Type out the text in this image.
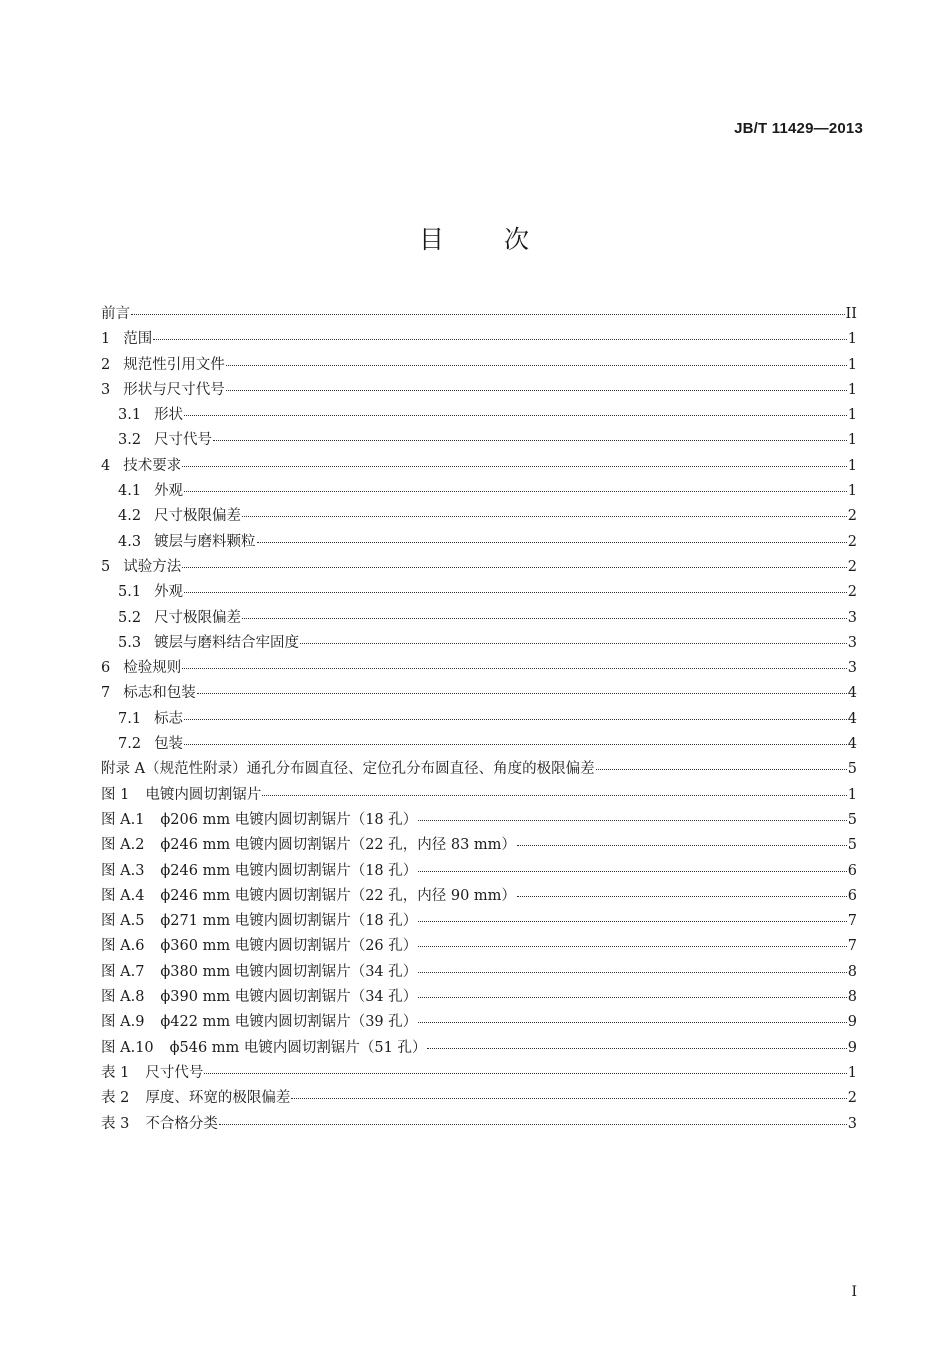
JB/T 11429—2013
目 次
前言	II
1 范围	1
2 规范性引用文件	1
3 形状与尺寸代号	1
3.1 形状	1
3.2 尺寸代号	1
4 技术要求	1
4.1 外观	1
4.2 尺寸极限偏差	2
4.3 镀层与磨料颗粒	2
5 试验方法	2
5.1 外观	2
5.2 尺寸极限偏差	3
5.3 镀层与磨料结合牢固度	3
6 检验规则	3
7 标志和包装	4
7.1 标志	4
7.2 包装	4
附录 A（规范性附录）通孔分布圆直径、定位孔分布圆直径、角度的极限偏差	5
图 1 电镀内圆切割锯片	1
图 A.1 ϕ206 mm 电镀内圆切割锯片（18 孔）	5
图 A.2 ϕ246 mm 电镀内圆切割锯片（22 孔，内径 83 mm）	5
图 A.3 ϕ246 mm 电镀内圆切割锯片（18 孔）	6
图 A.4 ϕ246 mm 电镀内圆切割锯片（22 孔，内径 90 mm）	6
图 A.5 ϕ271 mm 电镀内圆切割锯片（18 孔）	7
图 A.6 ϕ360 mm 电镀内圆切割锯片（26 孔）	7
图 A.7 ϕ380 mm 电镀内圆切割锯片（34 孔）	8
图 A.8 ϕ390 mm 电镀内圆切割锯片（34 孔）	8
图 A.9 ϕ422 mm 电镀内圆切割锯片（39 孔）	9
图 A.10 ϕ546 mm 电镀内圆切割锯片（51 孔）	9
表 1 尺寸代号	1
表 2 厚度、环宽的极限偏差	2
表 3 不合格分类	3
I
